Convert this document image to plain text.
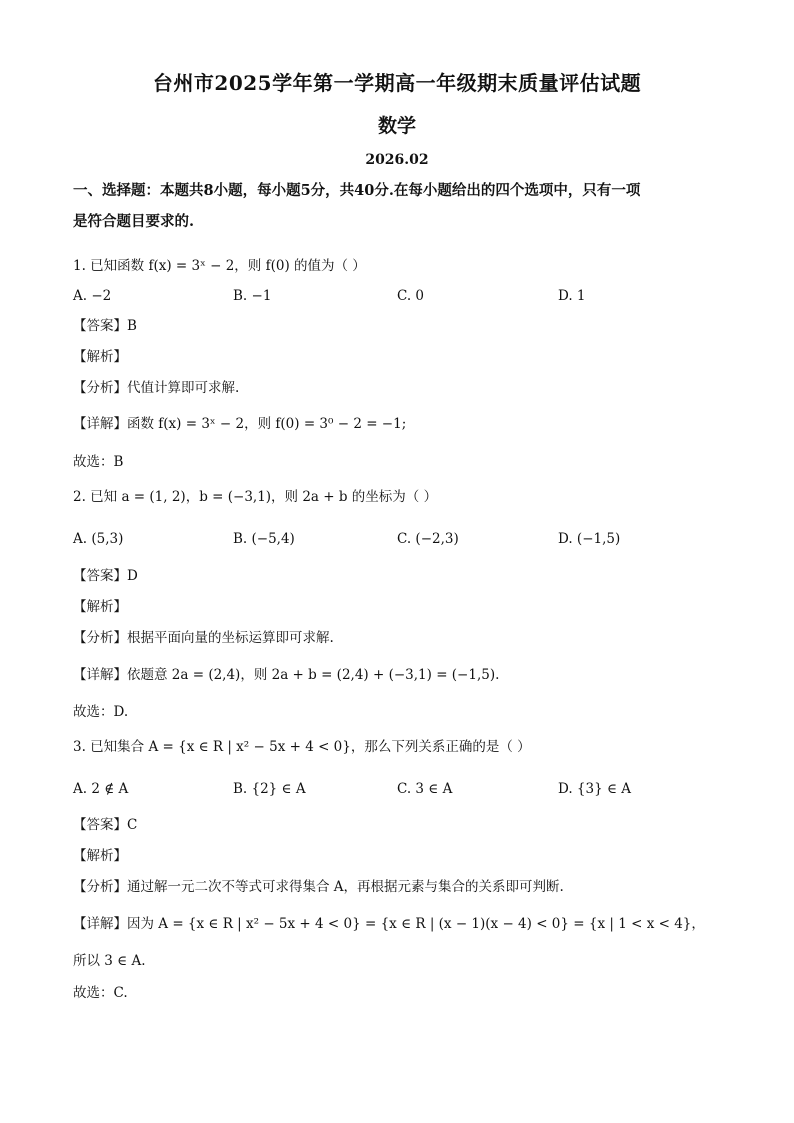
台州市2025学年第一学期高一年级期末质量评估试题
数学
2026.02
一、选择题：本题共8小题，每小题5分，共40分.在每小题给出的四个选项中，只有一项
是符合题目要求的.
1. 已知函数 f(x) = 3ˣ − 2，则 f(0) 的值为（ ）
A. −2	B. −1	C. 0	D. 1
【答案】B
【解析】
【分析】代值计算即可求解.
【详解】函数 f(x) = 3ˣ − 2，则 f(0) = 3⁰ − 2 = −1;
故选：B
2. 已知 a = (1, 2)，b = (−3,1)，则 2a + b 的坐标为（ ）
A. (5,3)	B. (−5,4)	C. (−2,3)	D. (−1,5)
【答案】D
【解析】
【分析】根据平面向量的坐标运算即可求解.
【详解】依题意 2a = (2,4)，则 2a + b = (2,4) + (−3,1) = (−1,5).
故选：D.
3. 已知集合 A = {x ∈ R | x² − 5x + 4 < 0}，那么下列关系正确的是（ ）
A. 2 ∉ A	B. {2} ∈ A	C. 3 ∈ A	D. {3} ∈ A
【答案】C
【解析】
【分析】通过解一元二次不等式可求得集合 A，再根据元素与集合的关系即可判断.
【详解】因为 A = {x ∈ R | x² − 5x + 4 < 0} = {x ∈ R | (x − 1)(x − 4) < 0} = {x | 1 < x < 4}，
所以 3 ∈ A.
故选：C.
